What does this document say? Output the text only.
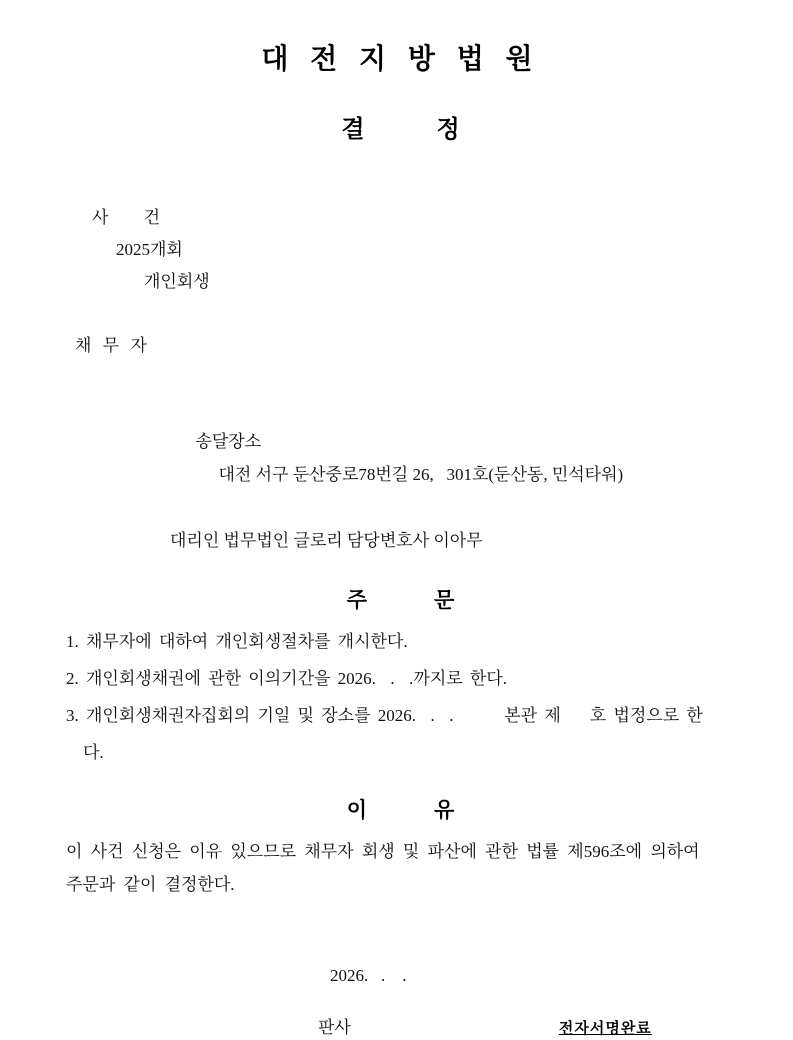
대 전 지 방 법 원
결	정

사 건
2025개회
개인회생

채 무 자

송달장소
대전 서구 둔산중로78번길 26,   301호(둔산동, 민석타워)

대리인 법무법인 글로리 담당변호사 이아무
주	문
1. 채무자에 대하여 개인회생절차를 개시한다.
2. 개인회생채권에 관한 이의기간을 2026.  .  .까지로 한다.
3. 개인회생채권자집회의 기일 및 장소를 2026.  .  .       본관 제    호 법정으로 한
다.
이	유
이 사건 신청은 이유 있으므로 채무자 회생 및 파산에 관한 법률 제596조에 의하여
주문과 같이 결정한다.
2026.   .    .
판사	전자서명완료
